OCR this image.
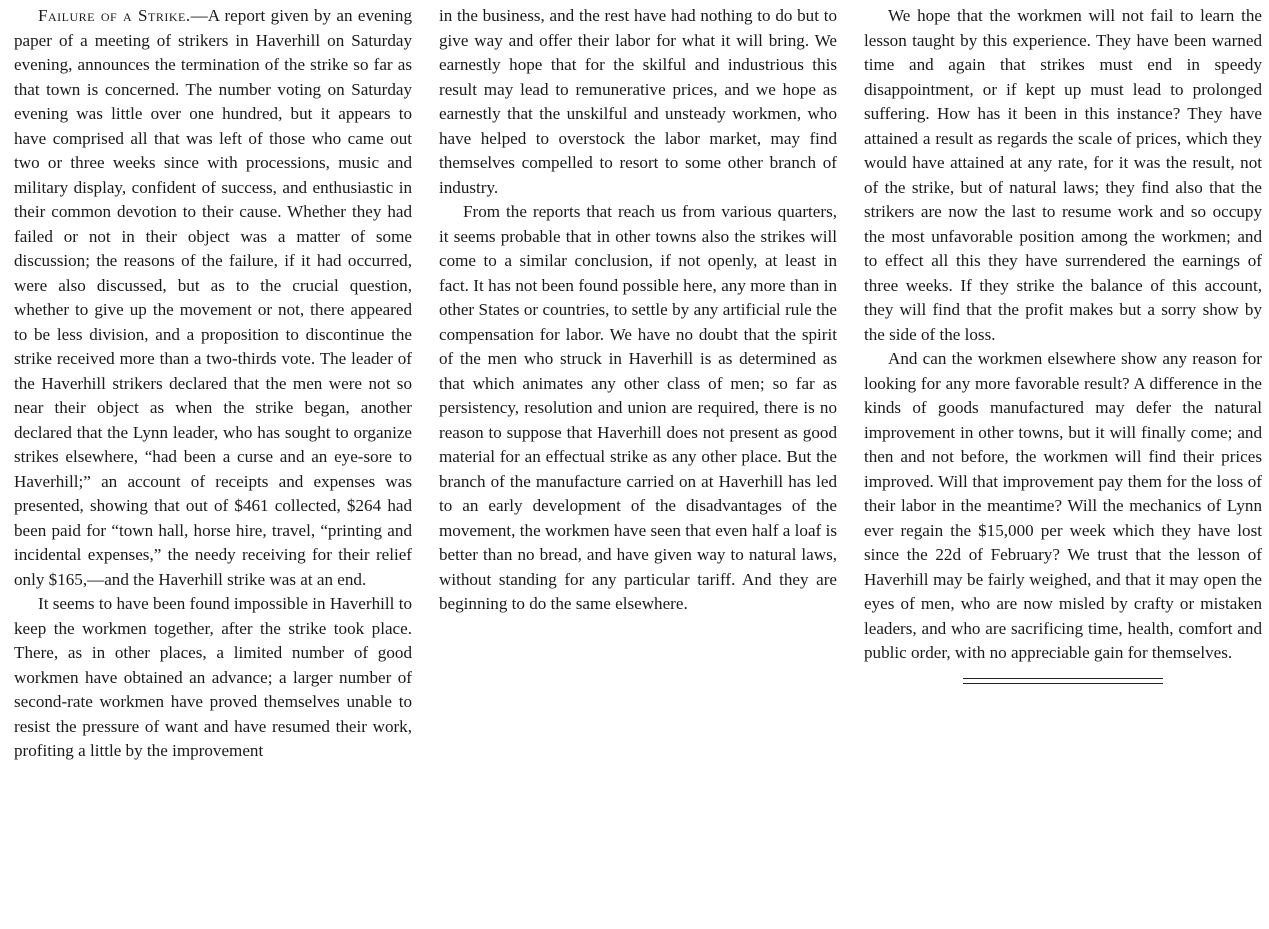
Failure of a Strike.—A report given by an evening paper of a meeting of strikers in Haverhill on Saturday evening, announces the termination of the strike so far as that town is concerned. The number voting on Saturday evening was little over one hundred, but it appears to have comprised all that was left of those who came out two or three weeks since with processions, music and military display, confident of success, and enthusiastic in their common devotion to their cause. Whether they had failed or not in their object was a matter of some discussion; the reasons of the failure, if it had occurred, were also discussed, but as to the crucial question, whether to give up the movement or not, there appeared to be less division, and a proposition to discontinue the strike received more than a two-thirds vote. The leader of the Haverhill strikers declared that the men were not so near their object as when the strike began, another declared that the Lynn leader, who has sought to organize strikes elsewhere, “had been a curse and an eye-sore to Haverhill;” an account of receipts and expenses was presented, showing that out of $461 collected, $264 had been paid for “town hall, horse hire, travel, “printing and incidental expenses,” the needy receiving for their relief only $165,—and the Haverhill strike was at an end.

It seems to have been found impossible in Haverhill to keep the workmen together, after the strike took place. There, as in other places, a limited number of good workmen have obtained an advance; a larger number of second-rate workmen have proved themselves unable to resist the pressure of want and have resumed their work, profiting a little by the improvement

in the business, and the rest have had nothing to do but to give way and offer their labor for what it will bring. We earnestly hope that for the skilful and industrious this result may lead to remunerative prices, and we hope as earnestly that the unskilful and unsteady workmen, who have helped to overstock the labor market, may find themselves compelled to resort to some other branch of industry.

From the reports that reach us from various quarters, it seems probable that in other towns also the strikes will come to a similar conclusion, if not openly, at least in fact. It has not been found possible here, any more than in other States or countries, to settle by any artificial rule the compensation for labor. We have no doubt that the spirit of the men who struck in Haverhill is as determined as that which animates any other class of men; so far as persistency, resolution and union are required, there is no reason to suppose that Haverhill does not present as good material for an effectual strike as any other place. But the branch of the manufacture carried on at Haverhill has led to an early development of the disadvantages of the movement, the workmen have seen that even half a loaf is better than no bread, and have given way to natural laws, without standing for any particular tariff. And they are beginning to do the same elsewhere.

We hope that the workmen will not fail to learn the lesson taught by this experience. They have been warned time and again that strikes must end in speedy disappointment, or if kept up must lead to prolonged suffering. How has it been in this instance? They have attained a result as regards the scale of prices, which they would have attained at any rate, for it was the result, not of the strike, but of natural laws; they find also that the strikers are now the last to resume work and so occupy the most unfavorable position among the workmen; and to effect all this they have surrendered the earnings of three weeks. If they strike the balance of this account, they will find that the profit makes but a sorry show by the side of the loss.

And can the workmen elsewhere show any reason for looking for any more favorable result? A difference in the kinds of goods manufactured may defer the natural improvement in other towns, but it will finally come; and then and not before, the workmen will find their prices improved. Will that improvement pay them for the loss of their labor in the meantime? Will the mechanics of Lynn ever regain the $15,000 per week which they have lost since the 22d of February? We trust that the lesson of Haverhill may be fairly weighed, and that it may open the eyes of men, who are now misled by crafty or mistaken leaders, and who are sacrificing time, health, comfort and public order, with no appreciable gain for themselves.
